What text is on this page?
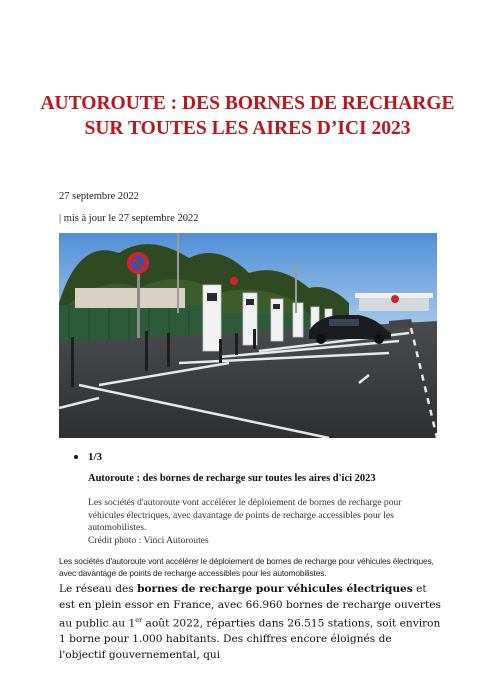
AUTOROUTE : DES BORNES DE RECHARGE SUR TOUTES LES AIRES D’ICI 2023
27 septembre 2022
| mis à jour le 27 septembre 2022
1/3
Autoroute : des bornes de recharge sur toutes les aires d'ici 2023
Les sociétés d'autoroute vont accélérer le déploiement de bornes de recharge pour véhicules électriques, avec davantage de points de recharge accessibles pour les automobilistes.
Crédit photo : Vinci Autoroutes
Les sociétés d'autoroute vont accélérer le déploiement de bornes de recharge pour véhicules électriques, avec davantage de points de recharge accessibles pour les automobilistes.
Le réseau des bornes de recharge pour véhicules électriques et est en plein essor en France, avec 66.960 bornes de recharge ouvertes au public au 1er août 2022, réparties dans 26.515 stations, soit environ 1 borne pour 1.000 habitants. Des chiffres encore éloignés de l'objectif gouvernemental, qui
